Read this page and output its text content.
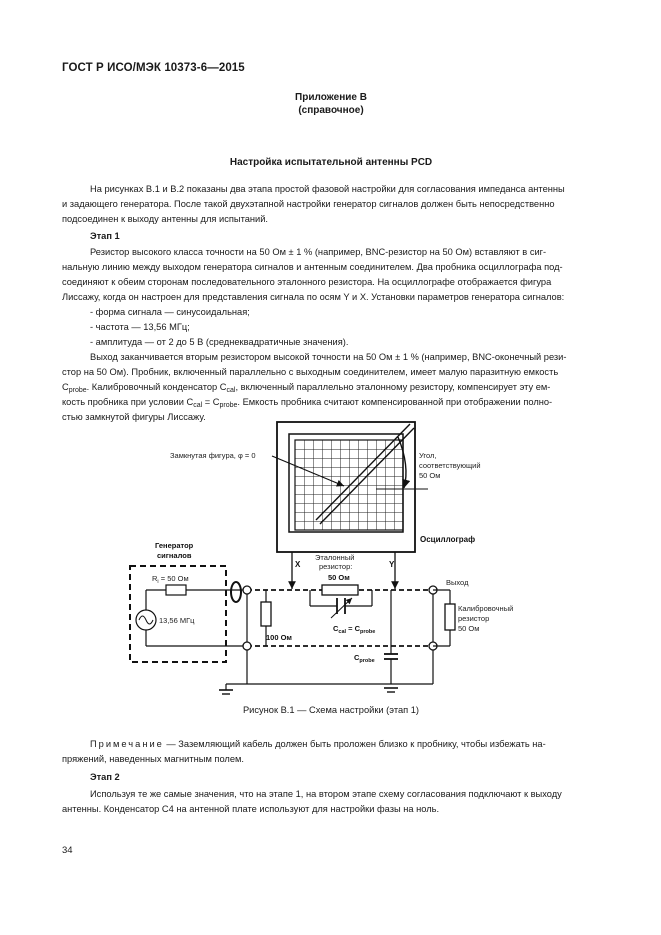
ГОСТ Р ИСО/МЭК 10373-6—2015
Приложение В
(справочное)
Настройка испытательной антенны PCD
На рисунках В.1 и В.2 показаны два этапа простой фазовой настройки для согласования импеданса антенны
и задающего генератора. После такой двухэтапной настройки генератор сигналов должен быть непосредственно
подсоединен к выходу антенны для испытаний.
Этап 1
Резистор высокого класса точности на 50 Ом ± 1 % (например, BNC-резистор на 50 Ом) вставляют в сиг-
нальную линию между выходом генератора сигналов и антенным соединителем. Два пробника осциллографа под-
соединяют к обеим сторонам последовательного эталонного резистора. На осциллографе отображается фигура
Лиссажу, когда он настроен для представления сигнала по осям Y и X. Установки параметров генератора сигналов:
- форма сигнала — синусоидальная;
- частота — 13,56 МГц;
- амплитуда — от 2 до 5 В (среднеквадратичные значения).
Выход заканчивается вторым резистором высокой точности на 50 Ом ± 1 % (например, BNC-оконечный рези-
стор на 50 Ом). Пробник, включенный параллельно с выходным соединителем, имеет малую паразитную емкость
$C_{probe}$. Калибровочный конденсатор $C_{cal}$, включенный параллельно эталонному резистору, компенсирует эту ем-
кость пробника при условии $C_{cal} = C_{probe}$. Емкость пробника считают компенсированной при отображении полно-
стью замкнутой фигуры Лиссажу.
Замкнутая фигура, φ = 0	Угол,
соответствующий
50 Ом
Осциллограф
X	Y
Генератор
сигналов
$R_i = 50$ Ом
13,56 МГц
100 Ом
Эталонный
резистор:
50 Ом
$C_{cal} = C_{probe}$
$C_{probe}$
Выход
Калибровочный
резистор
50 Ом
Рисунок В.1 — Схема настройки (этап 1)
Примечание — Заземляющий кабель должен быть проложен близко к пробнику, чтобы избежать на-
пряжений, наведенных магнитным полем.
Этап 2
Используя те же самые значения, что на этапе 1, на втором этапе схему согласования подключают к выходу
антенны. Конденсатор C4 на антенной плате используют для настройки фазы на ноль.
34
